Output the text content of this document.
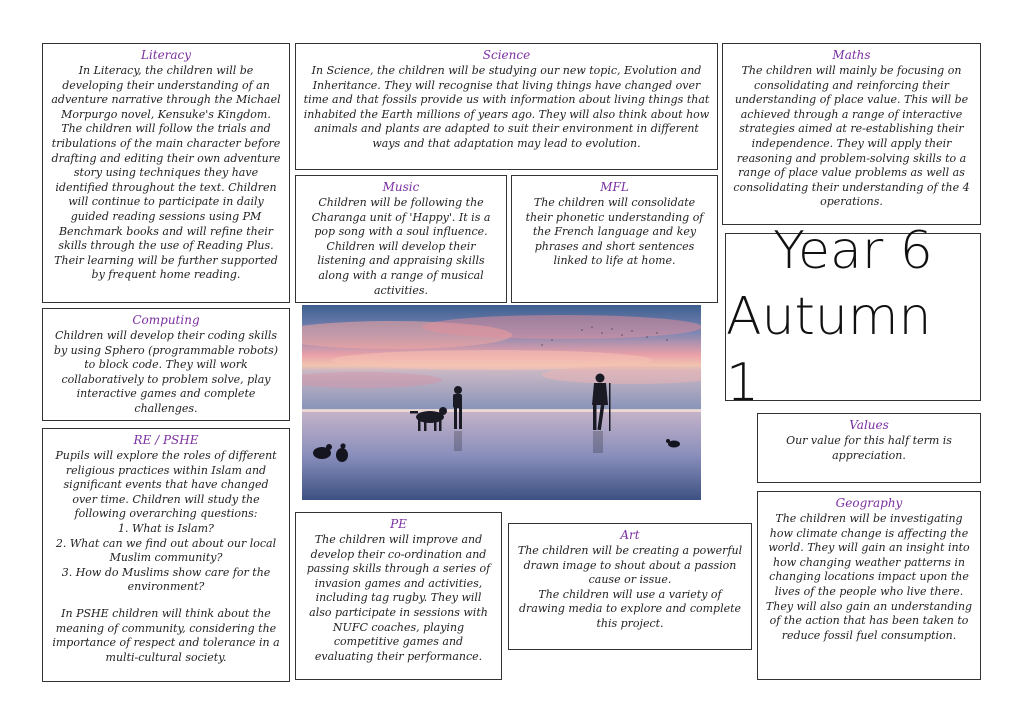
Literacy

In Literacy, the children will be developing their understanding of an adventure narrative through the Michael Morpurgo novel, Kensuke's Kingdom. The children will follow the trials and tribulations of the main character before drafting and editing their own adventure story using techniques they have identified throughout the text. Children will continue to participate in daily guided reading sessions using PM Benchmark books and will refine their skills through the use of Reading Plus. Their learning will be further supported by frequent home reading.

Science

In Science, the children will be studying our new topic, Evolution and Inheritance. They will recognise that living things have changed over time and that fossils provide us with information about living things that inhabited the Earth millions of years ago. They will also think about how animals and plants are adapted to suit their environment in different ways and that adaptation may lead to evolution.

Maths

The children will mainly be focusing on consolidating and reinforcing their understanding of place value. This will be achieved through a range of interactive strategies aimed at re-establishing their independence. They will apply their reasoning and problem-solving skills to a range of place value problems as well as consolidating their understanding of the 4 operations.

Music

Children will be following the Charanga unit of 'Happy'. It is a pop song with a soul influence. Children will develop their listening and appraising skills along with a range of musical activities.

MFL

The children will consolidate their phonetic understanding of the French language and key phrases and short sentences linked to life at home.	Year 6
Autumn 1
Computing

Children will develop their coding skills by using Sphero (programmable robots) to block code. They will work collaboratively to problem solve, play interactive games and complete challenges.

Values

Our value for this half term is appreciation.

RE / PSHE

Pupils will explore the roles of different religious practices within Islam and significant events that have changed over time. Children will study the following overarching questions:

1. What is Islam?

2. What can we find out about our local Muslim community?

3. How do Muslims show care for the environment?

In PSHE children will think about the meaning of community, considering the importance of respect and tolerance in a multi-cultural society.

PE

The children will improve and develop their co-ordination and passing skills through a series of invasion games and activities, including tag rugby. They will also participate in sessions with NUFC coaches, playing competitive games and evaluating their performance.

Art

The children will be creating a powerful drawn image to shout about a passion cause or issue.

The children will use a variety of drawing media to explore and complete this project.

Geography

The children will be investigating how climate change is affecting the world. They will gain an insight into how changing weather patterns in changing locations impact upon the lives of the people who live there. They will also gain an understanding of the action that has been taken to reduce fossil fuel consumption.
